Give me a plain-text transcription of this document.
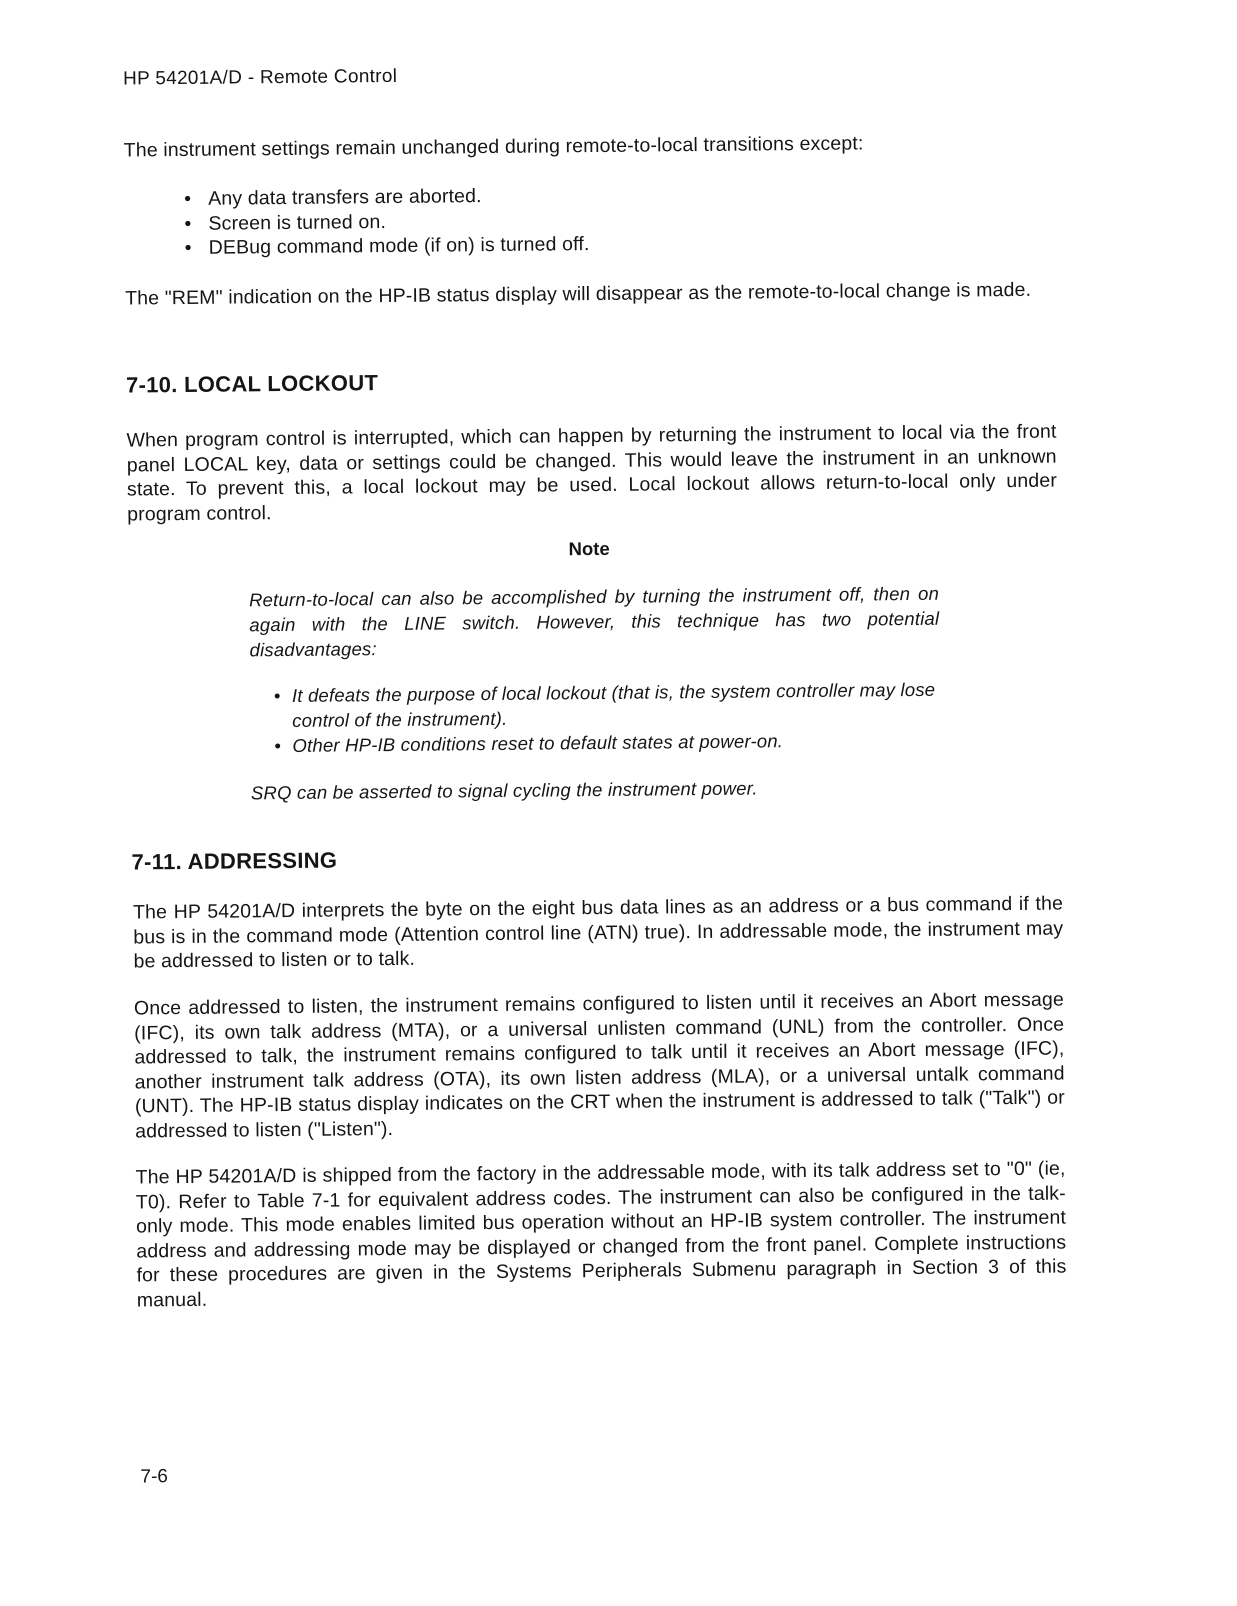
HP 54201A/D - Remote Control
The instrument settings remain unchanged during remote-to-local transitions except:
• Any data transfers are aborted.
• Screen is turned on.
• DEBug command mode (if on) is turned off.
The "REM" indication on the HP-IB status display will disappear as the remote-to-local change is made.
7-10. LOCAL LOCKOUT
When program control is interrupted, which can happen by returning the instrument to local via the front panel LOCAL key, data or settings could be changed. This would leave the instrument in an unknown state. To prevent this, a local lockout may be used. Local lockout allows return-to-local only under program control.
Note
Return-to-local can also be accomplished by turning the instrument off, then on again with the LINE switch. However, this technique has two potential disadvantages:
• It defeats the purpose of local lockout (that is, the system controller may lose control of the instrument).
• Other HP-IB conditions reset to default states at power-on.
SRQ can be asserted to signal cycling the instrument power.
7-11. ADDRESSING
The HP 54201A/D interprets the byte on the eight bus data lines as an address or a bus command if the bus is in the command mode (Attention control line (ATN) true). In addressable mode, the instrument may be addressed to listen or to talk.
Once addressed to listen, the instrument remains configured to listen until it receives an Abort message (IFC), its own talk address (MTA), or a universal unlisten command (UNL) from the controller. Once addressed to talk, the instrument remains configured to talk until it receives an Abort message (IFC), another instrument talk address (OTA), its own listen address (MLA), or a universal untalk command (UNT). The HP-IB status display indicates on the CRT when the instrument is addressed to talk ("Talk") or addressed to listen ("Listen").
The HP 54201A/D is shipped from the factory in the addressable mode, with its talk address set to "0" (ie, T0). Refer to Table 7-1 for equivalent address codes. The instrument can also be configured in the talk-only mode. This mode enables limited bus operation without an HP-IB system controller. The instrument address and addressing mode may be displayed or changed from the front panel. Complete instructions for these procedures are given in the Systems Peripherals Submenu paragraph in Section 3 of this manual.
7-6
